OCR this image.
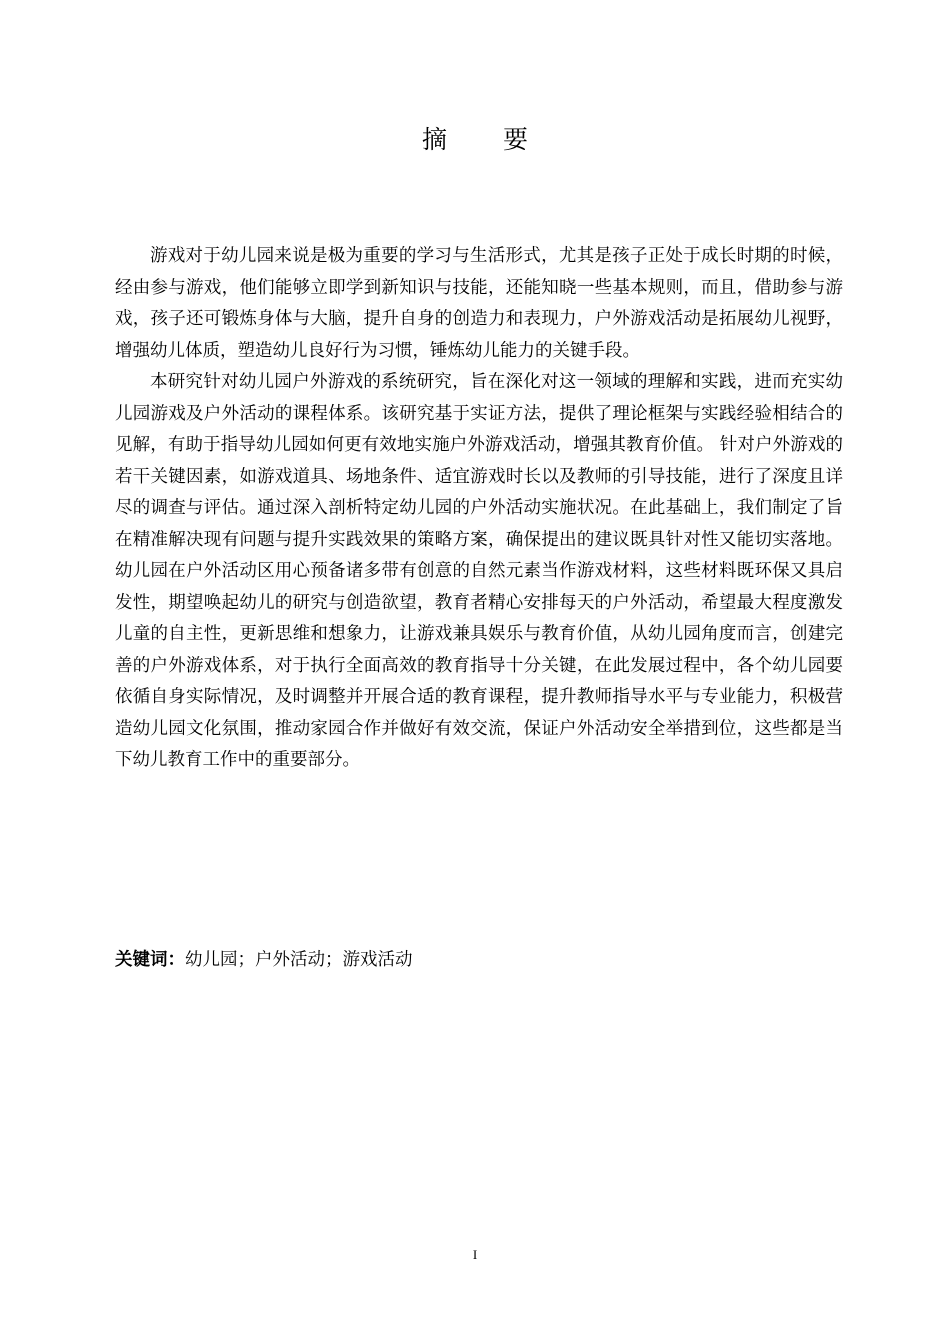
摘 要

游戏对于幼儿园来说是极为重要的学习与生活形式，尤其是孩子正处于成长时期的时候，经由参与游戏，他们能够立即学到新知识与技能，还能知晓一些基本规则，而且，借助参与游戏，孩子还可锻炼身体与大脑，提升自身的创造力和表现力，户外游戏活动是拓展幼儿视野，增强幼儿体质，塑造幼儿良好行为习惯，锤炼幼儿能力的关键手段。

本研究针对幼儿园户外游戏的系统研究，旨在深化对这一领域的理解和实践，进而充实幼儿园游戏及户外活动的课程体系。该研究基于实证方法，提供了理论框架与实践经验相结合的见解，有助于指导幼儿园如何更有效地实施户外游戏活动，增强其教育价值。 针对户外游戏的若干关键因素，如游戏道具、场地条件、适宜游戏时长以及教师的引导技能，进行了深度且详尽的调查与评估。通过深入剖析特定幼儿园的户外活动实施状况。在此基础上，我们制定了旨在精准解决现有问题与提升实践效果的策略方案，确保提出的建议既具针对性又能切实落地。 幼儿园在户外活动区用心预备诸多带有创意的自然元素当作游戏材料，这些材料既环保又具启发性，期望唤起幼儿的研究与创造欲望，教育者精心安排每天的户外活动，希望最大程度激发儿童的自主性，更新思维和想象力，让游戏兼具娱乐与教育价值，从幼儿园角度而言，创建完善的户外游戏体系，对于执行全面高效的教育指导十分关键，在此发展过程中，各个幼儿园要依循自身实际情况，及时调整并开展合适的教育课程，提升教师指导水平与专业能力，积极营造幼儿园文化氛围，推动家园合作并做好有效交流，保证户外活动安全举措到位，这些都是当下幼儿教育工作中的重要部分。

关键词：幼儿园；户外活动；游戏活动

I
